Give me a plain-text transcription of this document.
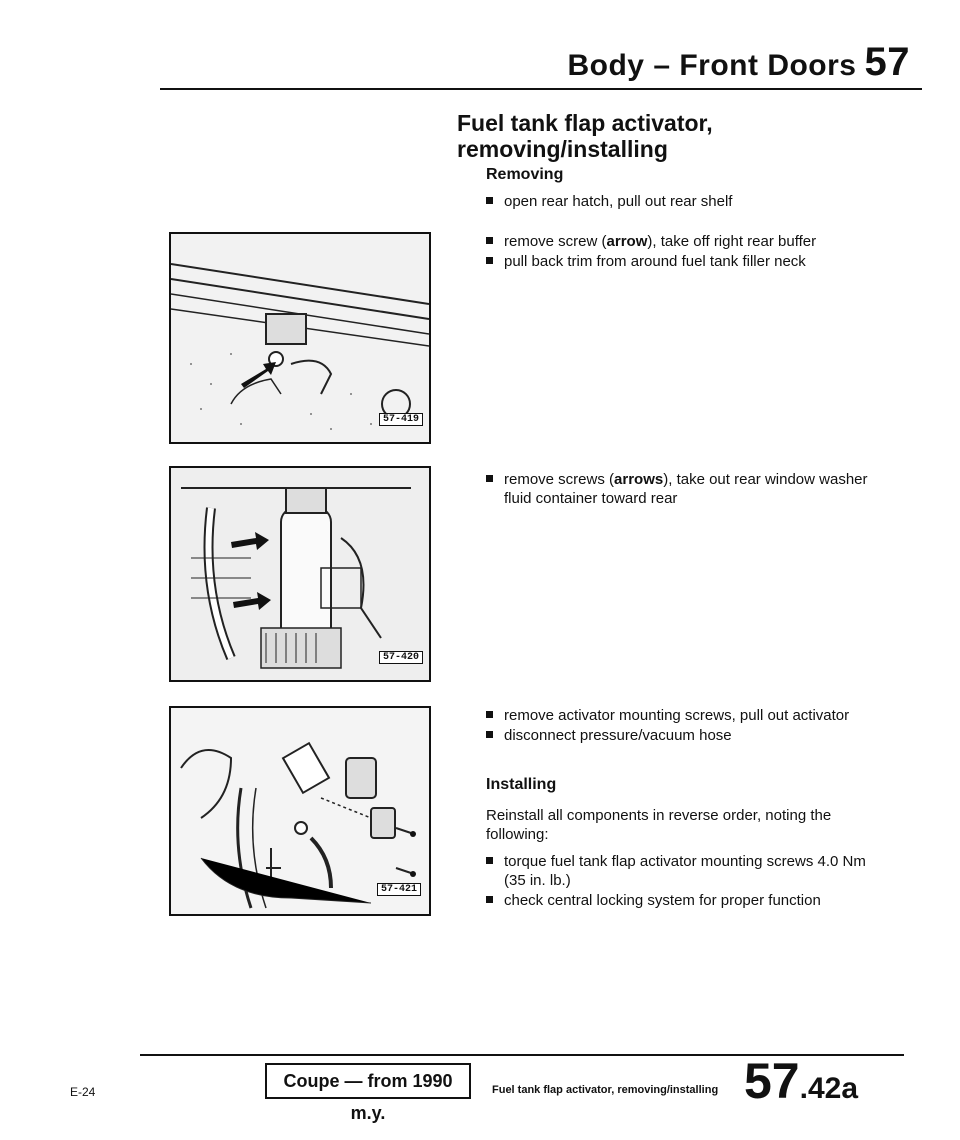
Body – Front Doors 57
Fuel tank flap activator, removing/installing
Removing
open rear hatch, pull out rear shelf
remove screw (arrow), take off right rear buffer
pull back trim from around fuel tank filler neck
remove screws (arrows), take out rear window washer fluid container toward rear
remove activator mounting screws, pull out activator
disconnect pressure/vacuum hose
Installing
Reinstall all components in reverse order, noting the following:
torque fuel tank flap activator mounting screws 4.0 Nm (35 in. lb.)
check central locking system for proper function
57-419
57-420
57-421
E-24
Coupe — from 1990 m.y.
Fuel tank flap activator, removing/installing 57.42a
